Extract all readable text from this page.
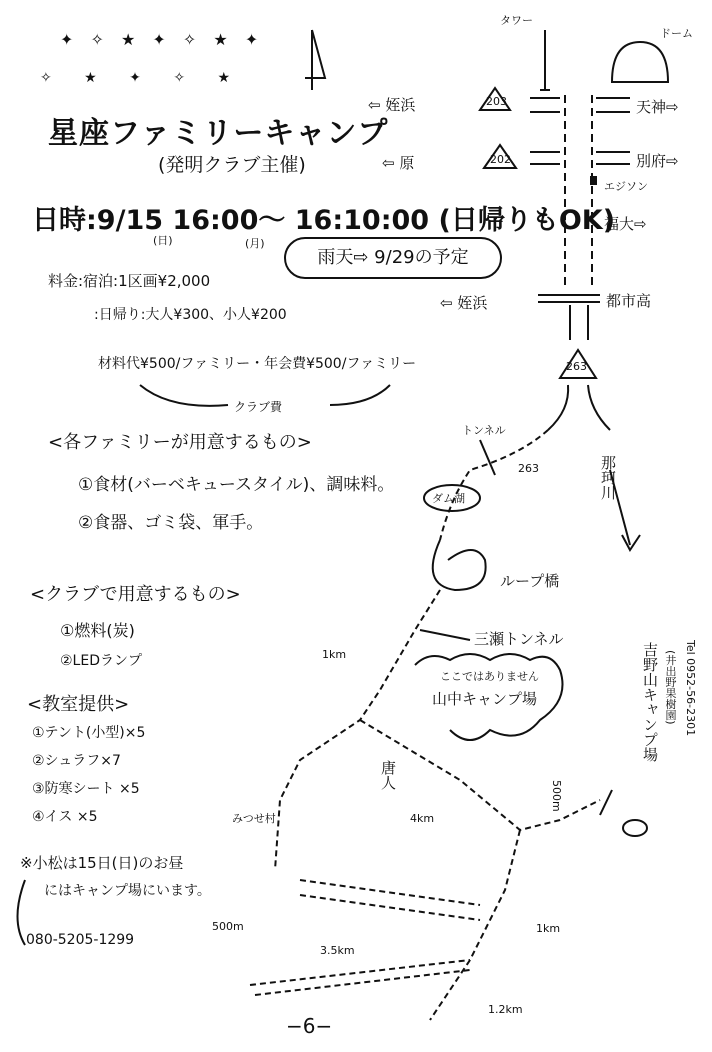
✦ ✧ ★ ✦ ✧ ★ ✦
✧ ★ ✦ ✧ ★
星座ファミリーキャンプ
(発明クラブ主催)
日時:9/15 16:00〜 16:10:00 (日帰りもOK)
(日)	(月)
雨天⇨ 9/29の予定
料金:宿泊:1区画¥2,000
:日帰り:大人¥300、小人¥200
材料代¥500/ファミリー・年会費¥500/ファミリー
クラブ費
<各ファミリーが用意するもの>
①食材(バーベキュースタイル)、調味料。
②食器、ゴミ袋、軍手。
<クラブで用意するもの>
①燃料(炭)
②LEDランプ
<教室提供>
①テント(小型)×5
②シュラフ×7
③防寒シート ×5
④イス ×5
※小松は15日(日)のお昼
にはキャンプ場にいます。
080-5205-1299
−6−
タワー
ドーム
203
202
263
263
⇦ 姪浜
⇦ 原
⇦ 姪浜
天神⇨
別府⇨
エジソン
福大⇨
都市高
トンネル
ダム湖	那珂川
ループ橋
三瀬トンネル
ここではありません
山中キャンプ場
1km
唐人
4km
500m
みつせ村
500m
3.5km
1km
1.2km
吉野山キャンプ場 (井出野果樹園) Tel 0952-56-2301
